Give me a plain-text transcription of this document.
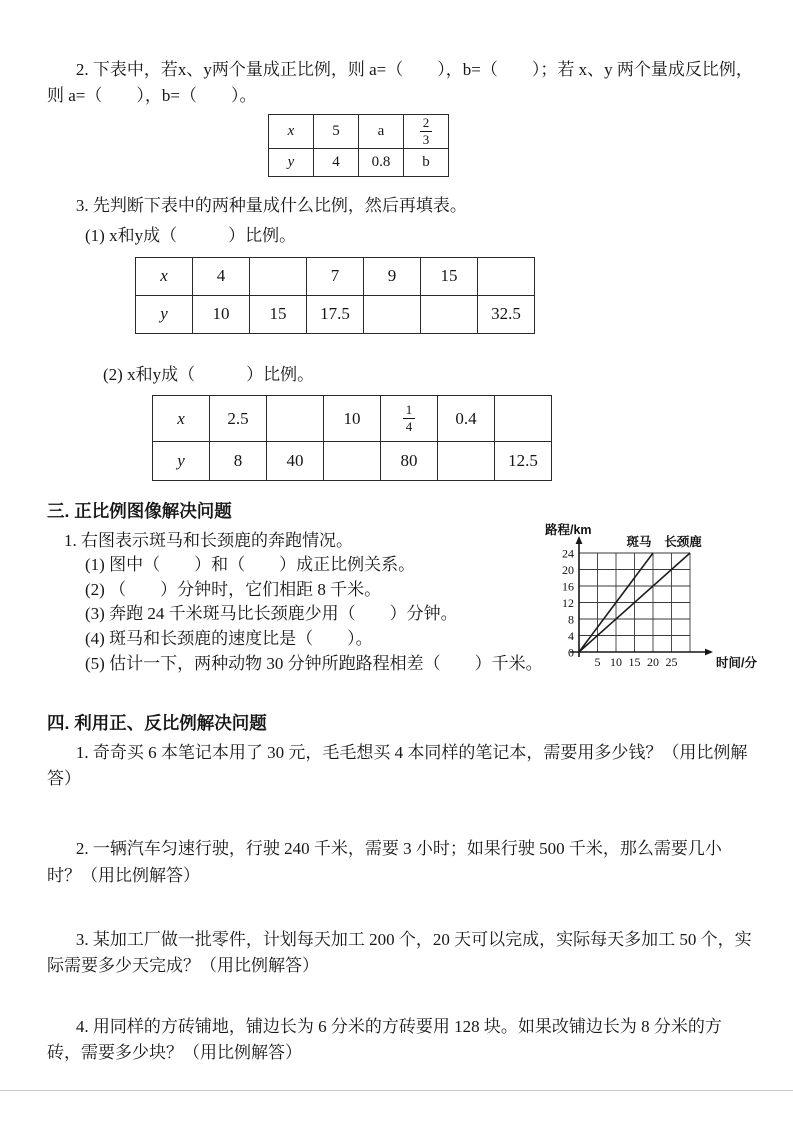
2. 下表中，若x、y两个量成正比例，则 a=（　　），b=（　　）；若 x、y 两个量成反比例，则 a=（　　），b=（　　）。

x	5	a	$\frac{2}{3}$

y	4	0.8	b

3. 先判断下表中的两种量成什么比例，然后再填表。

(1) x和y成（　　　）比例。

x	4		7	9	15	
y	10	15	17.5			32.5

(2) x和y成（　　　）比例。

x	2.5		10	$\frac{1}{4}$	0.4	
y	8	40		80		12.5

三. 正比例图像解决问题

1. 右图表示斑马和长颈鹿的奔跑情况。

(1) 图中（　　）和（　　）成正比例关系。

(2) （　　）分钟时，它们相距 8 千米。

(3) 奔跑 24 千米斑马比长颈鹿少用（　　）分钟。

(4) 斑马和长颈鹿的速度比是（　　）。

(5) 估计一下，两种动物 30 分钟所跑路程相差（　　）千米。

0
4
8
12
16
20
24
5 10 15 20 25
斑马 长颈鹿
路程/km
时间/分

四. 利用正、反比例解决问题

1. 奇奇买 6 本笔记本用了 30 元，毛毛想买 4 本同样的笔记本，需要用多少钱？（用比例解答）

2. 一辆汽车匀速行驶，行驶 240 千米，需要 3 小时；如果行驶 500 千米，那么需要几小时？（用比例解答）

3. 某加工厂做一批零件，计划每天加工 200 个，20 天可以完成，实际每天多加工 50 个，实际需要多少天完成？（用比例解答）

4. 用同样的方砖铺地，铺边长为 6 分米的方砖要用 128 块。如果改铺边长为 8 分米的方砖，需要多少块？（用比例解答）
